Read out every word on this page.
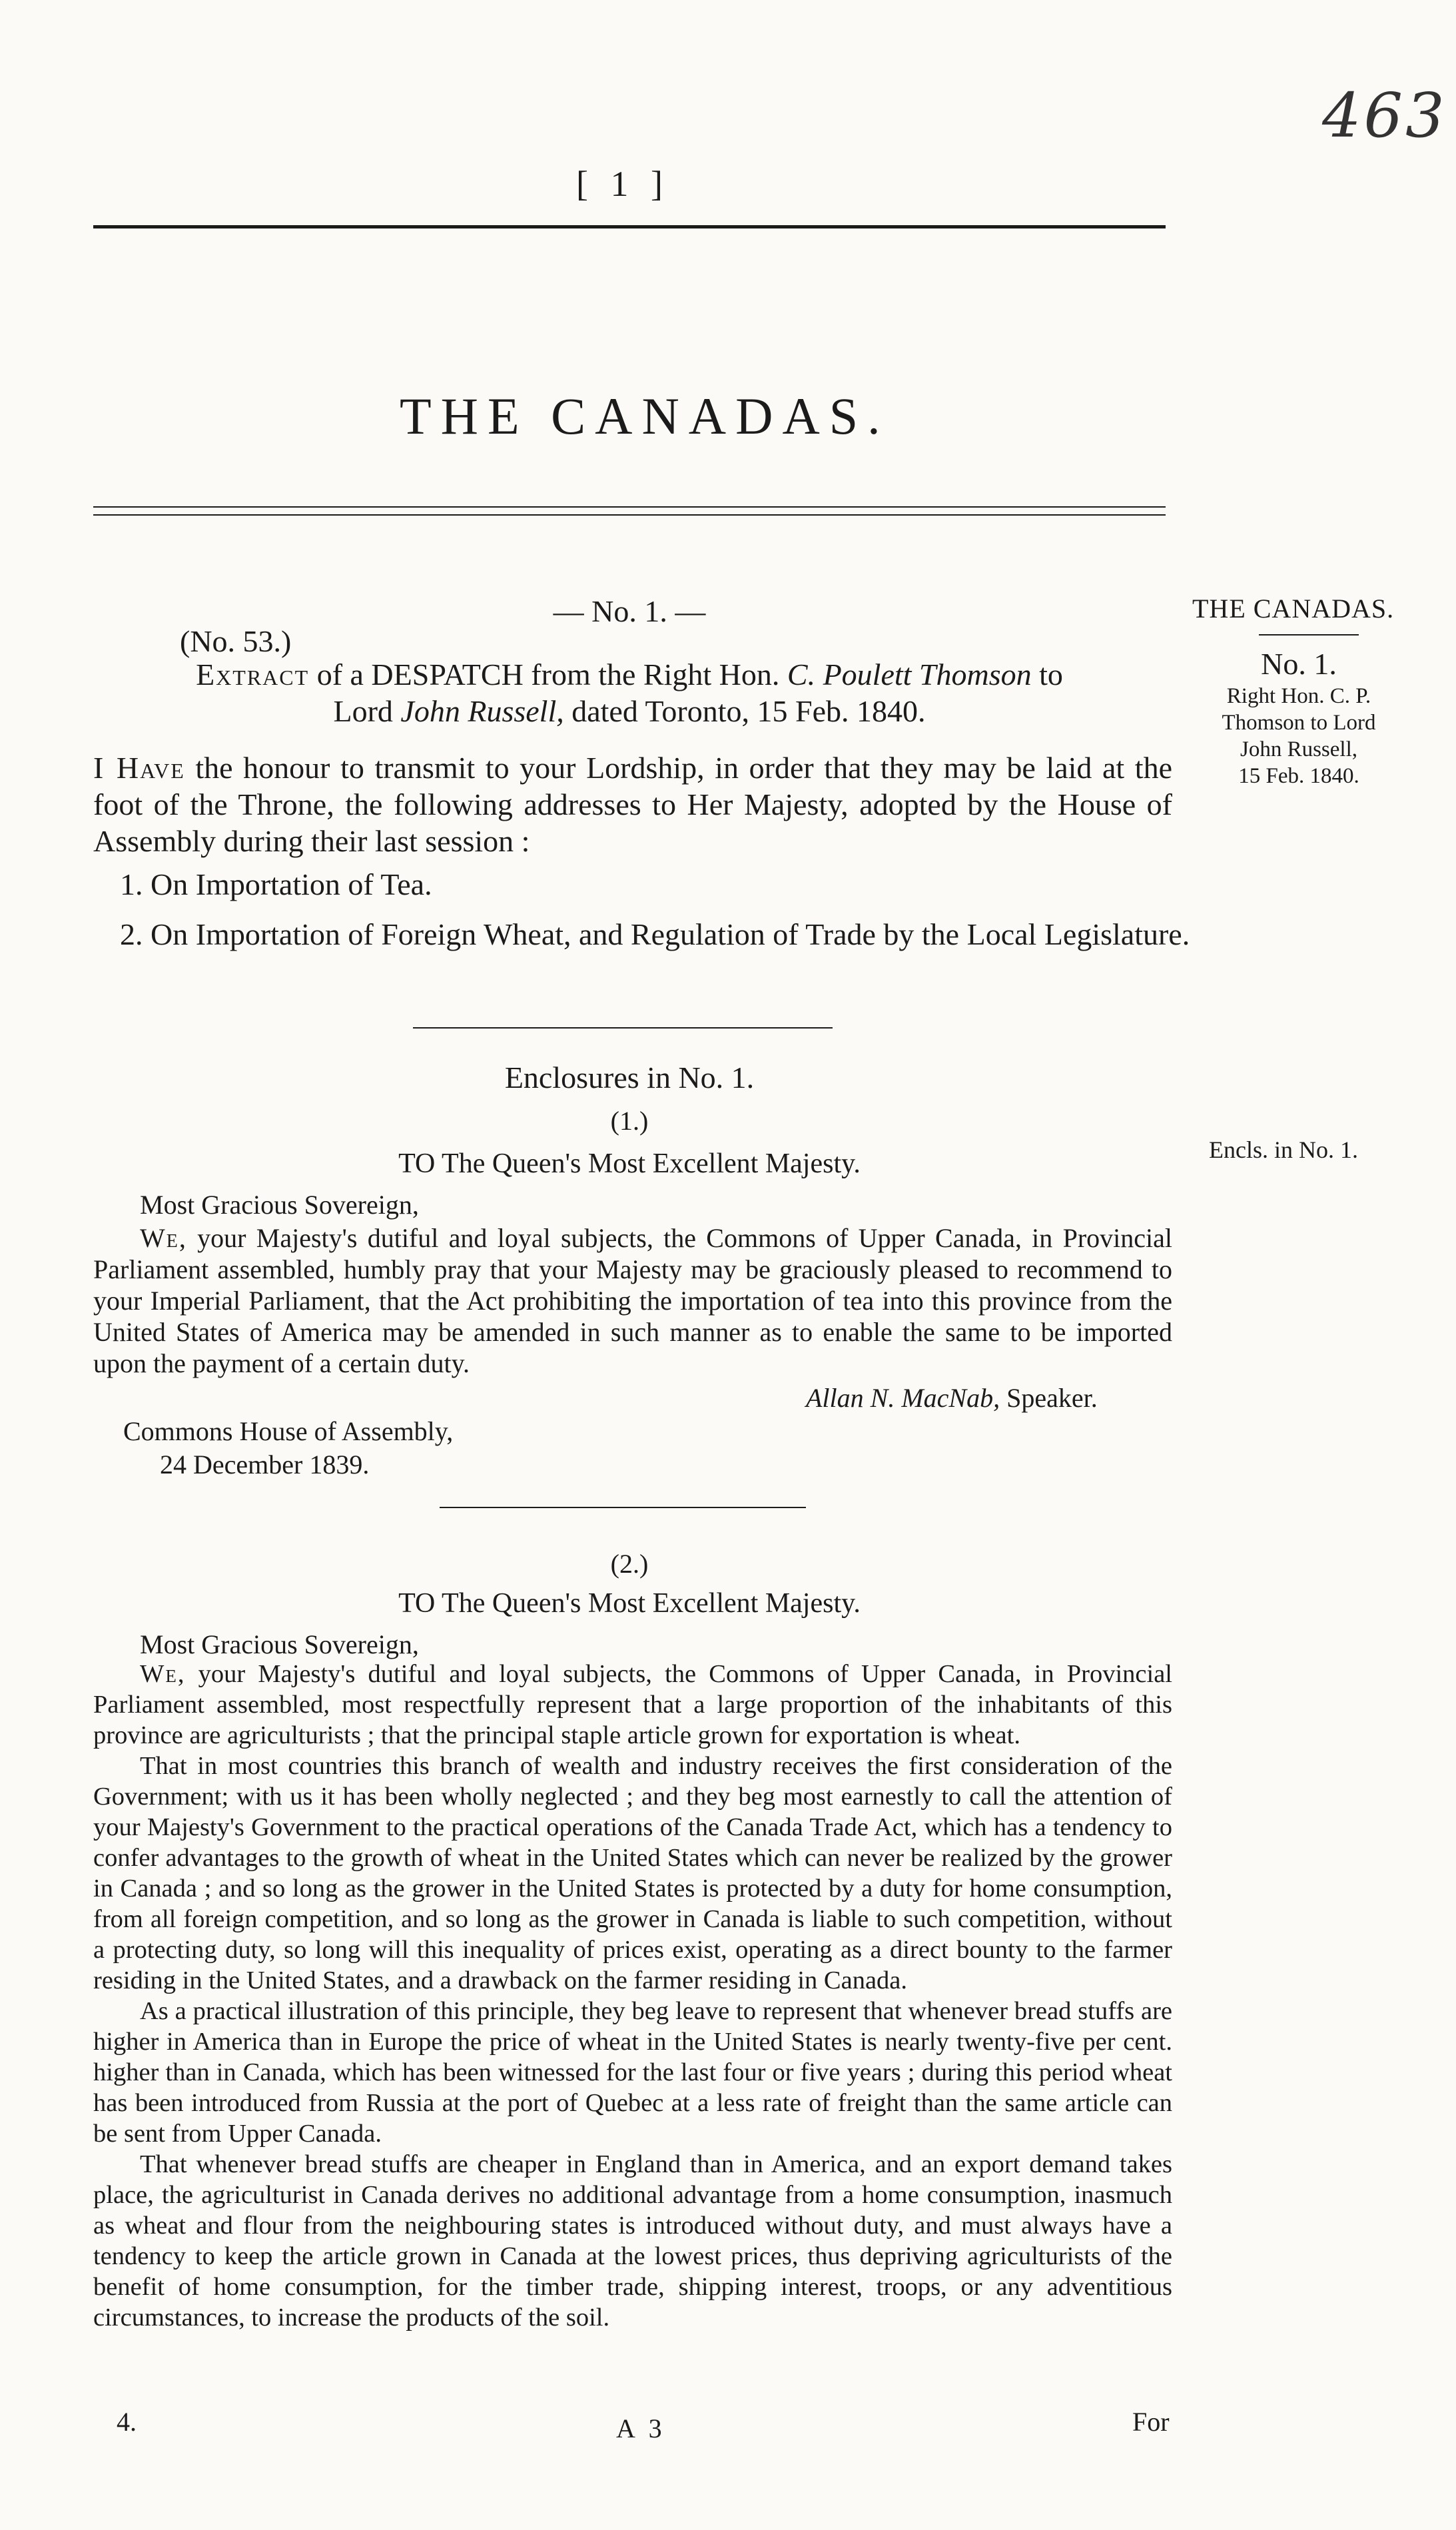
463
[ 1 ]
THE CANADAS.
THE CANADAS.
No. 1.
Right Hon. C. P.
Thomson to Lord
John Russell,
15 Feb. 1840.
Encls. in No. 1.
— No. 1. —
(No. 53.)
Extract of a DESPATCH from the Right Hon. C. Poulett Thomson to
Lord John Russell, dated Toronto, 15 Feb. 1840.
I Have the honour to transmit to your Lordship, in order that they may be laid at the foot of the Throne, the following addresses to Her Majesty, adopted by the House of Assembly during their last session :
1. On Importation of Tea.
2. On Importation of Foreign Wheat, and Regulation of Trade by the Local Legislature.
Enclosures in No. 1.
(1.)
TO The Queen's Most Excellent Majesty.
Most Gracious Sovereign,

We, your Majesty's dutiful and loyal subjects, the Commons of Upper Canada, in Provincial Parliament assembled, humbly pray that your Majesty may be graciously pleased to recommend to your Imperial Parliament, that the Act prohibiting the importation of tea into this province from the United States of America may be amended in such manner as to enable the same to be imported upon the payment of a certain duty.

Allan N. MacNab, Speaker.
Commons House of Assembly,
24 December 1839.
(2.)
TO The Queen's Most Excellent Majesty.
Most Gracious Sovereign,

We, your Majesty's dutiful and loyal subjects, the Commons of Upper Canada, in Provincial Parliament assembled, most respectfully represent that a large proportion of the inhabitants of this province are agriculturists ; that the principal staple article grown for exportation is wheat.

That in most countries this branch of wealth and industry receives the first consideration of the Government; with us it has been wholly neglected ; and they beg most earnestly to call the attention of your Majesty's Government to the practical operations of the Canada Trade Act, which has a tendency to confer advantages to the growth of wheat in the United States which can never be realized by the grower in Canada ; and so long as the grower in the United States is protected by a duty for home consumption, from all foreign competition, and so long as the grower in Canada is liable to such competition, without a protecting duty, so long will this inequality of prices exist, operating as a direct bounty to the farmer residing in the United States, and a drawback on the farmer residing in Canada.

As a practical illustration of this principle, they beg leave to represent that whenever bread stuffs are higher in America than in Europe the price of wheat in the United States is nearly twenty-five per cent. higher than in Canada, which has been witnessed for the last four or five years ; during this period wheat has been introduced from Russia at the port of Quebec at a less rate of freight than the same article can be sent from Upper Canada.

That whenever bread stuffs are cheaper in England than in America, and an export demand takes place, the agriculturist in Canada derives no additional advantage from a home consumption, inasmuch as wheat and flour from the neighbouring states is introduced without duty, and must always have a tendency to keep the article grown in Canada at the lowest prices, thus depriving agriculturists of the benefit of home consumption, for the timber trade, shipping interest, troops, or any adventitious circumstances, to increase the products of the soil.

4.	A 3	For
